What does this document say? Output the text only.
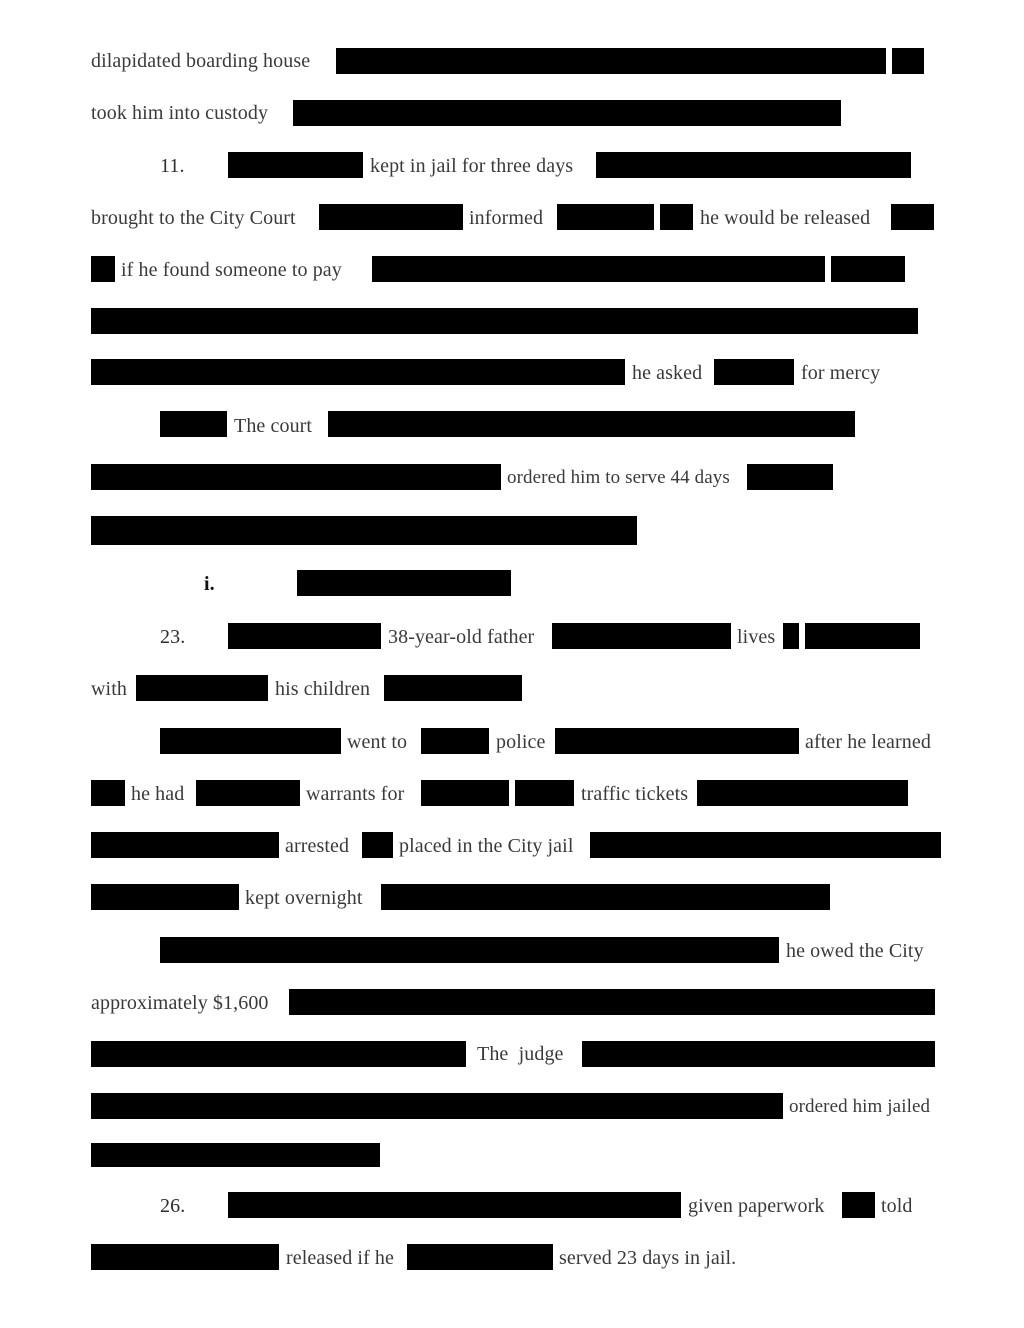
dilapidated boarding house
took him into custody
11.	kept in jail for three days
brought to the City Court	informed	he would be released
if he found someone to pay
he asked	for mercy
The court
ordered him to serve 44 days
i.
23.	38-year-old father	lives
with	his children
went to	police	after he learned
he had	warrants for	traffic tickets
arrested placed in the City jail
kept overnight
he owed the City
approximately $1,600
The  judge
ordered him jailed
26.	given paperwork	told
released if he	served 23 days in jail.
